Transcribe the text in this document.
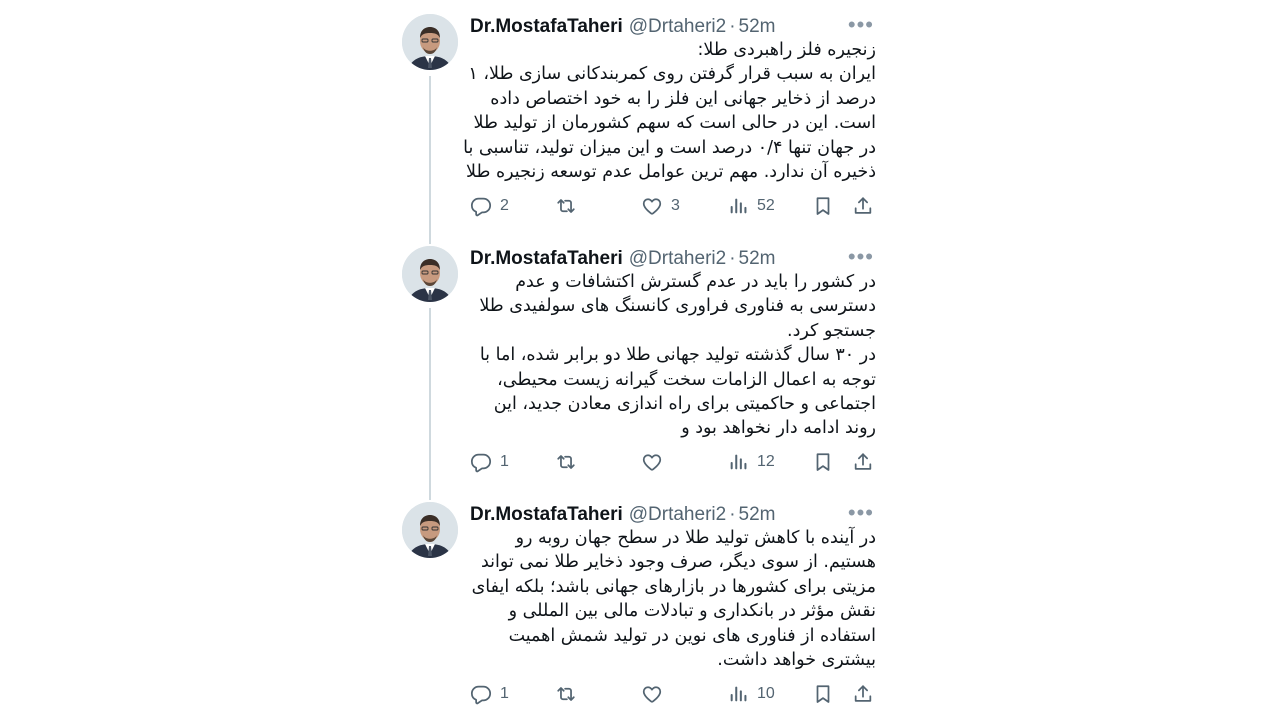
Dr.MostafaTaheri @Drtaheri2 · 52m	•••
زنجیره فلز راهبردی طلا:
ایران به سبب قرار گرفتن روی کمربندکانی سازی طلا، ۱
درصد از ذخایر جهانی این فلز را به خود اختصاص داده
است. این در حالی است که سهم کشورمان از تولید طلا
در جهان تنها ۰/۴ درصد است و این میزان تولید، تناسبی با
ذخیره آن ندارد. مهم ترین عوامل عدم توسعه زنجیره طلا
2	3	52
Dr.MostafaTaheri @Drtaheri2 · 52m	•••
در کشور را باید در عدم گسترش اکتشافات و عدم
دسترسی به فناوری فراوری کانسنگ های سولفیدی طلا
جستجو کرد.
در ۳۰ سال گذشته تولید جهانی طلا دو برابر شده، اما با
توجه به اعمال الزامات سخت گیرانه زیست محیطی،
اجتماعی و حاکمیتی برای راه اندازی معادن جدید، این
روند ادامه دار نخواهد بود و
1	12
Dr.MostafaTaheri @Drtaheri2 · 52m	•••
در آینده با کاهش تولید طلا در سطح جهان روبه رو
هستیم. از سوی دیگر، صرف وجود ذخایر طلا نمی تواند
مزیتی برای کشورها در بازارهای جهانی باشد؛ بلکه ایفای
نقش مؤثر در بانکداری و تبادلات مالی بین المللی و
استفاده از فناوری های نوین در تولید شمش اهمیت
بیشتری خواهد داشت.
1	10
